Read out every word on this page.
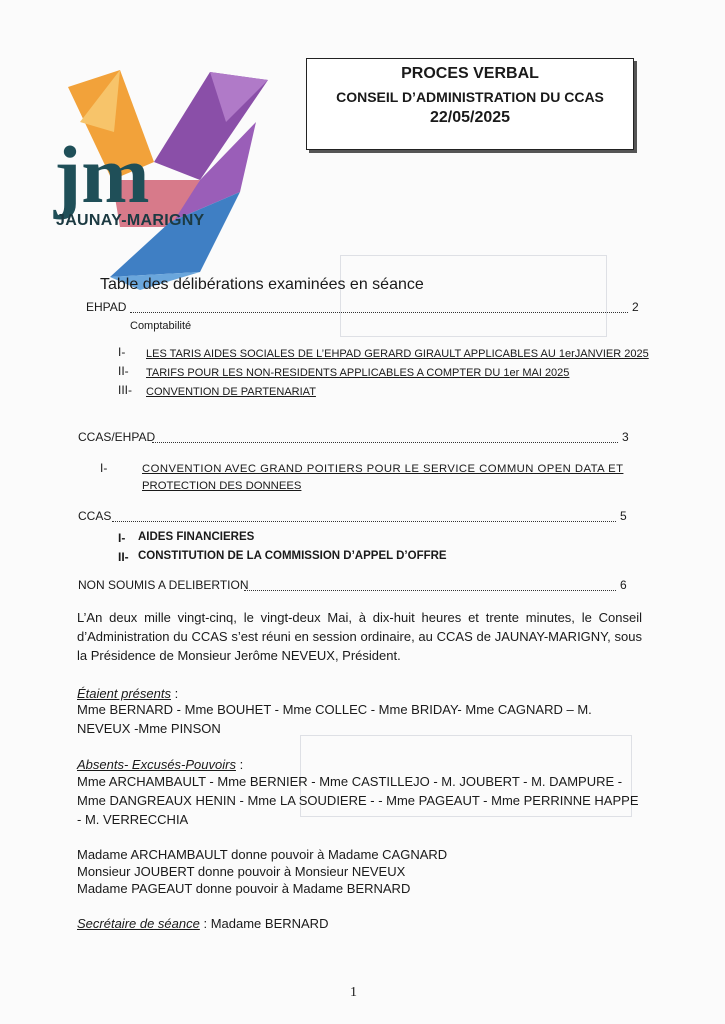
jm
JAUNAY-MARIGNY
PROCES VERBAL
CONSEIL D’ADMINISTRATION DU CCAS
22/05/2025
Table des délibérations examinées en séance
EHPAD	2
Comptabilité
I- LES TARIS AIDES SOCIALES DE L’EHPAD GERARD GIRAULT APPLICABLES AU 1erJANVIER 2025
II- TARIFS POUR LES NON-RESIDENTS APPLICABLES A COMPTER DU 1er MAI 2025
III- CONVENTION DE PARTENARIAT
CCAS/EHPAD	3
I-	CONVENTION AVEC GRAND POITIERS POUR LE SERVICE COMMUN OPEN DATA ET
PROTECTION DES DONNEES
CCAS	5
I- AIDES FINANCIERES
II- CONSTITUTION DE LA COMMISSION D’APPEL D’OFFRE
NON SOUMIS A DELIBERTION	6
L’An deux mille vingt-cinq, le vingt-deux Mai, à dix-huit heures et trente minutes, le Conseil d’Administration du CCAS s’est réuni en session ordinaire, au CCAS de JAUNAY-MARIGNY, sous la Présidence de Monsieur Jerôme NEVEUX, Président.
Étaient présents :
Mme BERNARD - Mme BOUHET - Mme COLLEC - Mme BRIDAY- Mme CAGNARD – M. NEVEUX -Mme PINSON
Absents- Excusés-Pouvoirs :
Mme ARCHAMBAULT - Mme BERNIER - Mme CASTILLEJO - M. JOUBERT - M. DAMPURE - Mme DANGREAUX HENIN - Mme LA SOUDIERE - - Mme PAGEAUT - Mme PERRINNE HAPPE - M. VERRECCHIA
Madame ARCHAMBAULT donne pouvoir à Madame CAGNARD
Monsieur JOUBERT donne pouvoir à Monsieur NEVEUX
Madame PAGEAUT donne pouvoir à Madame BERNARD
Secrétaire de séance : Madame BERNARD
1
